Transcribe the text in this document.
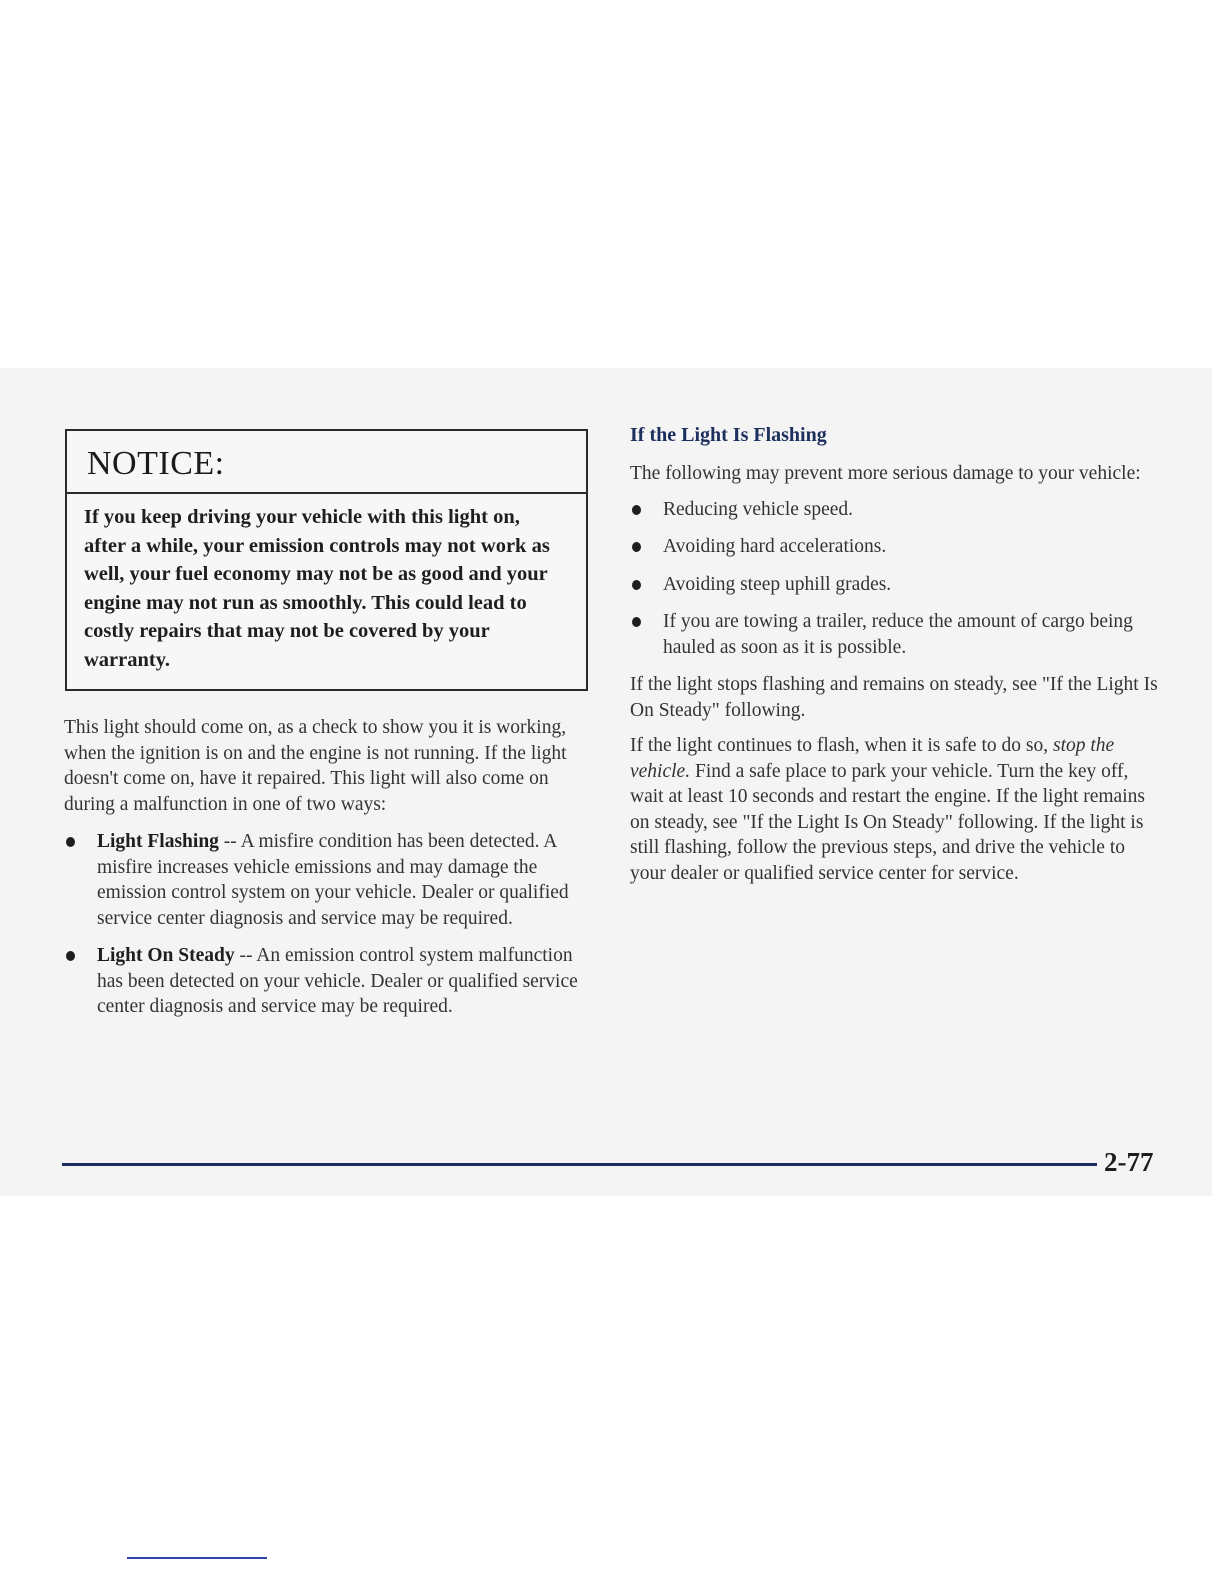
NOTICE:
If you keep driving your vehicle with this light on, after a while, your emission controls may not work as well, your fuel economy may not be as good and your engine may not run as smoothly. This could lead to costly repairs that may not be covered by your warranty.

This light should come on, as a check to show you it is working, when the ignition is on and the engine is not running. If the light doesn't come on, have it repaired. This light will also come on during a malfunction in one of two ways:

Light Flashing -- A misfire condition has been detected. A misfire increases vehicle emissions and may damage the emission control system on your vehicle. Dealer or qualified service center diagnosis and service may be required.
Light On Steady -- An emission control system malfunction has been detected on your vehicle. Dealer or qualified service center diagnosis and service may be required.
If the Light Is Flashing

The following may prevent more serious damage to your vehicle:

Reducing vehicle speed.
Avoiding hard accelerations.
Avoiding steep uphill grades.
If you are towing a trailer, reduce the amount of cargo being hauled as soon as it is possible.

If the light stops flashing and remains on steady, see "If the Light Is On Steady" following.

If the light continues to flash, when it is safe to do so, stop the vehicle. Find a safe place to park your vehicle. Turn the key off, wait at least 10 seconds and restart the engine. If the light remains on steady, see "If the Light Is On Steady" following. If the light is still flashing, follow the previous steps, and drive the vehicle to your dealer or qualified service center for service.

2-77
